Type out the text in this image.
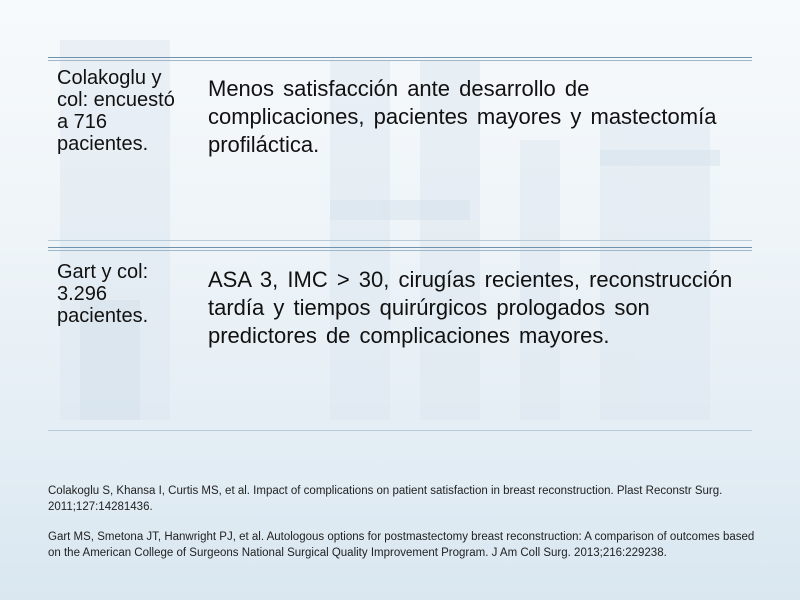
Colakoglu y col: encuestó a 716 pacientes.
Menos satisfacción ante desarrollo de complicaciones, pacientes mayores y mastectomía profiláctica.
Gart y col: 3.296 pacientes.
ASA 3, IMC > 30, cirugías recientes, reconstrucción tardía y tiempos quirúrgicos prologados son predictores de complicaciones mayores.

Colakoglu S, Khansa I, Curtis MS, et al. Impact of complications on patient satisfaction in breast reconstruction. Plast Reconstr Surg. 2011;127:14281436.

Gart MS, Smetona JT, Hanwright PJ, et al. Autologous options for postmastectomy breast reconstruction: A comparison of outcomes based on the American College of Surgeons National Surgical Quality Improvement Program. J Am Coll Surg. 2013;216:229238.
